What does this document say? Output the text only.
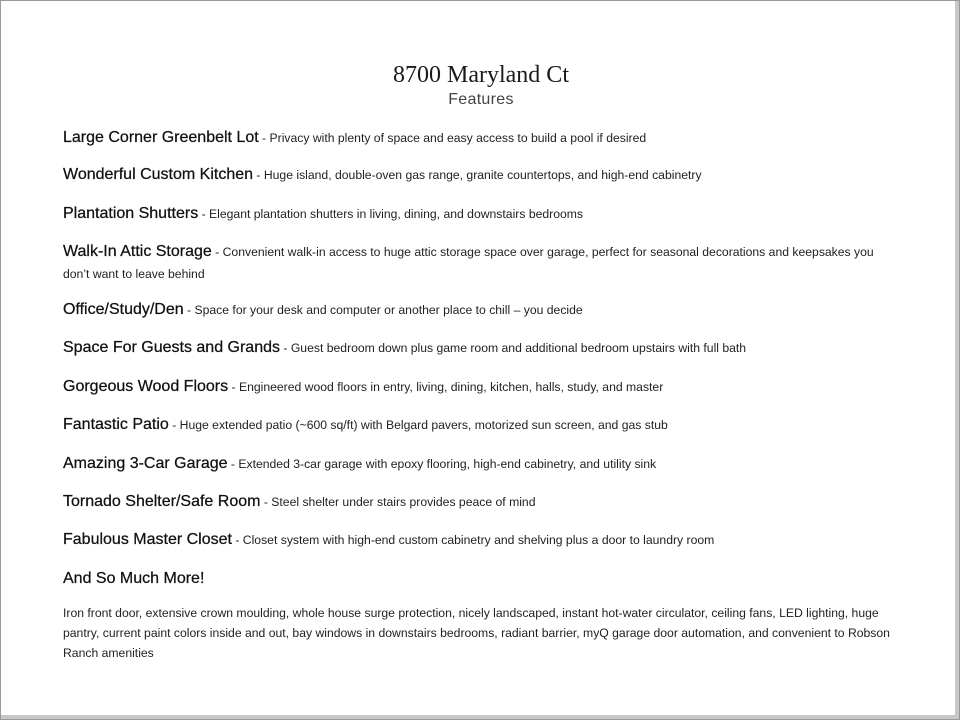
8700 Maryland Ct
Features

Large Corner Greenbelt Lot - Privacy with plenty of space and easy access to build a pool if desired

Wonderful Custom Kitchen - Huge island, double-oven gas range, granite countertops, and high-end cabinetry

Plantation Shutters - Elegant plantation shutters in living, dining, and downstairs bedrooms

Walk-In Attic Storage - Convenient walk-in access to huge attic storage space over garage, perfect for seasonal decorations and keepsakes you don’t want to leave behind

Office/Study/Den - Space for your desk and computer or another place to chill – you decide

Space For Guests and Grands - Guest bedroom down plus game room and additional bedroom upstairs with full bath

Gorgeous Wood Floors - Engineered wood floors in entry, living, dining, kitchen, halls, study, and master

Fantastic Patio - Huge extended patio (~600 sq/ft) with Belgard pavers, motorized sun screen, and gas stub

Amazing 3-Car Garage - Extended 3-car garage with epoxy flooring, high-end cabinetry, and utility sink

Tornado Shelter/Safe Room - Steel shelter under stairs provides peace of mind

Fabulous Master Closet - Closet system with high-end custom cabinetry and shelving plus a door to laundry room

And So Much More!
Iron front door, extensive crown moulding, whole house surge protection, nicely landscaped, instant hot-water circulator, ceiling fans, LED lighting, huge pantry, current paint colors inside and out, bay windows in downstairs bedrooms, radiant barrier, myQ garage door automation, and convenient to Robson Ranch amenities
